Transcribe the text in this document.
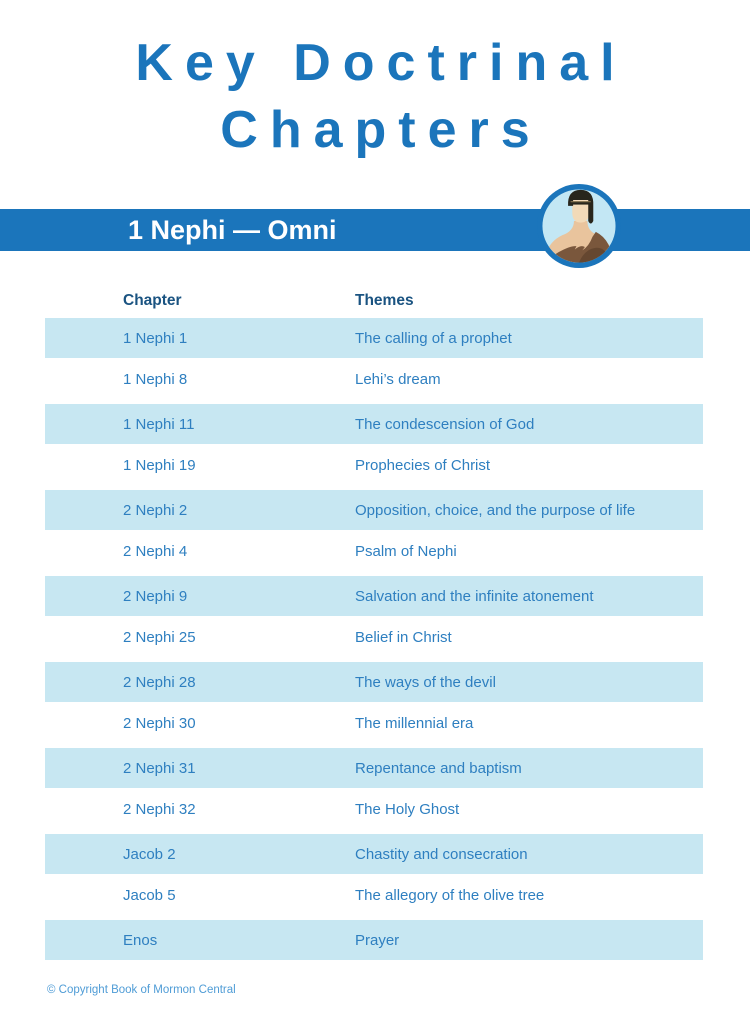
Key Doctrinal
Chapters
1 Nephi — Omni
Chapter	Themes
1 Nephi 1	The calling of a prophet
1 Nephi 8	Lehi’s dream
1 Nephi 11	The condescension of God
1 Nephi 19	Prophecies of Christ
2 Nephi 2	Opposition, choice, and the purpose of life
2 Nephi 4	Psalm of Nephi
2 Nephi 9	Salvation and the infinite atonement
2 Nephi 25	Belief in Christ
2 Nephi 28	The ways of the devil
2 Nephi 30	The millennial era
2 Nephi 31	Repentance and baptism
2 Nephi 32	The Holy Ghost
Jacob 2	Chastity and consecration
Jacob 5	The allegory of the olive tree
Enos	Prayer
© Copyright Book of Mormon Central
